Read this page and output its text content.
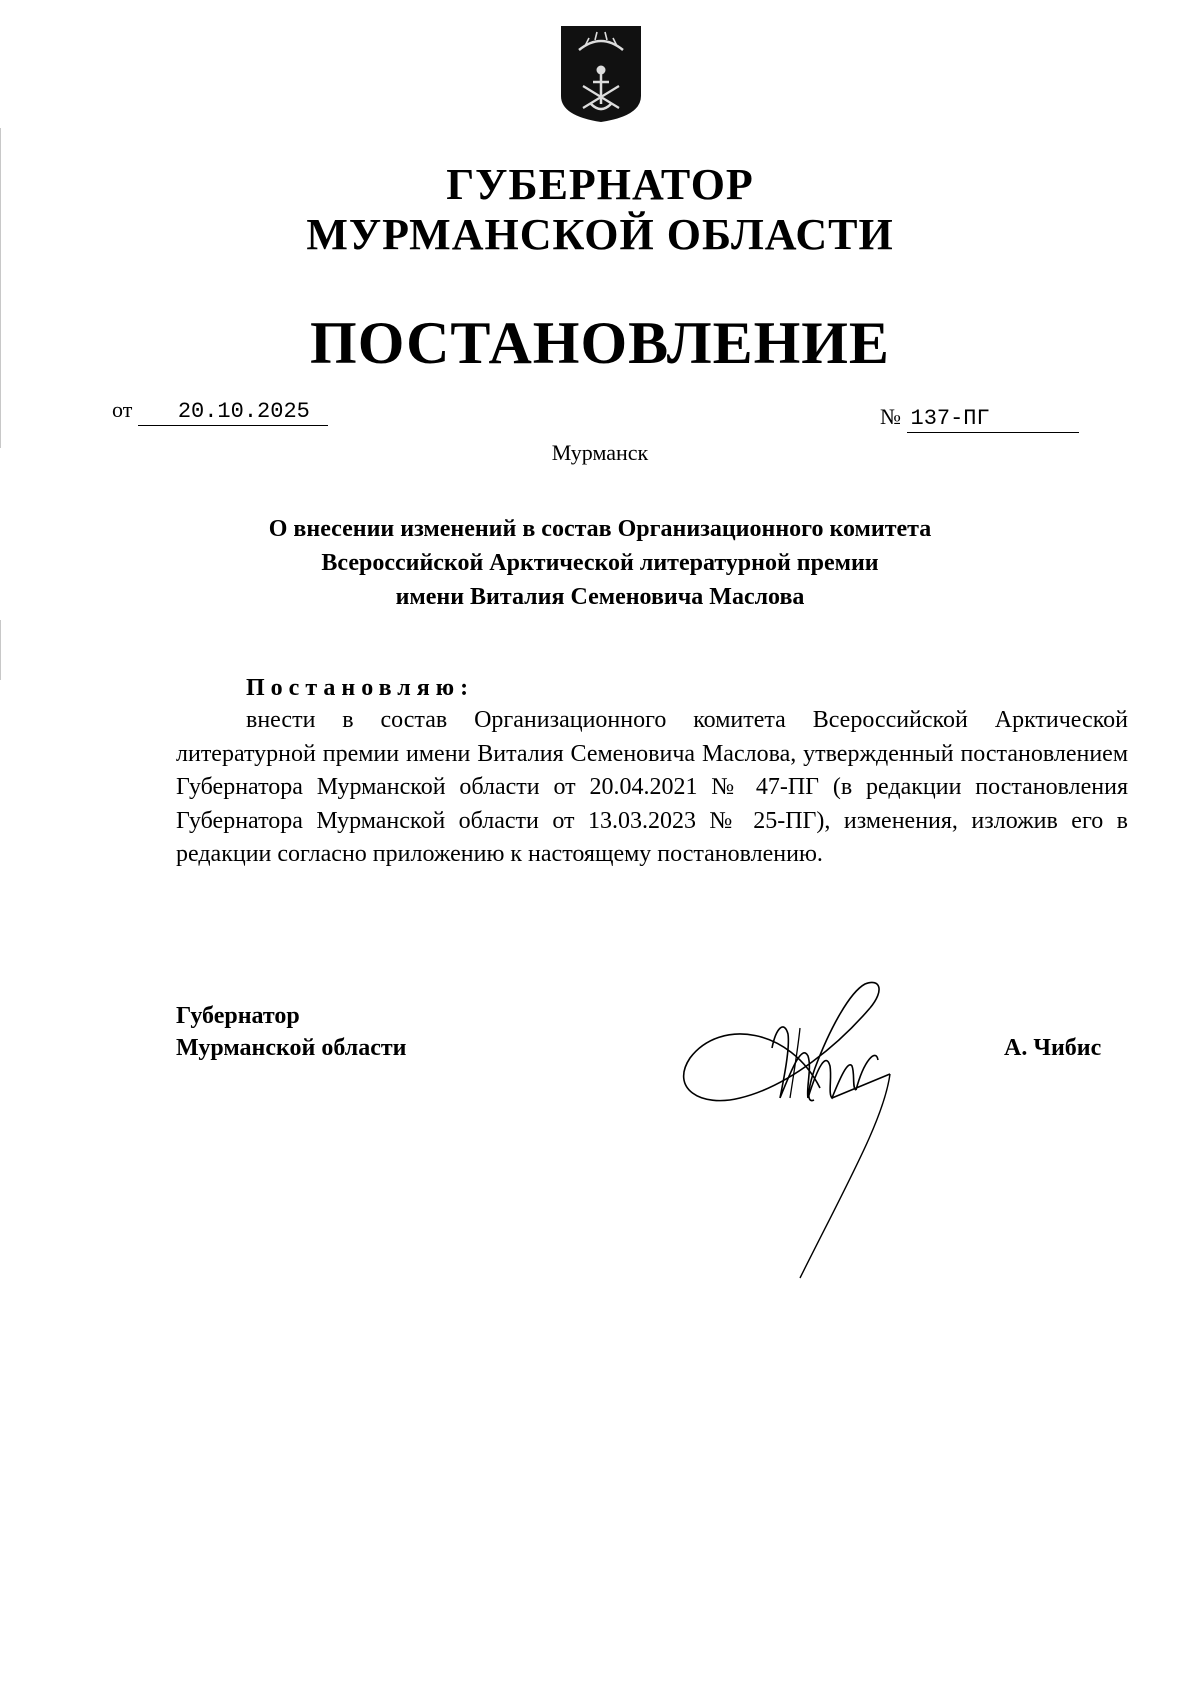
ГУБЕРНАТОР
МУРМАНСКОЙ ОБЛАСТИ
ПОСТАНОВЛЕНИЕ
от 20.10.2025	№ 137-ПГ
Мурманск
О внесении изменений в состав Организационного комитета
Всероссийской Арктической литературной премии
имени Виталия Семеновича Маслова
Постановляю:

внести в состав Организационного комитета Всероссийской Арктической литературной премии имени Виталия Семеновича Маслова, утвержденный постановлением Губернатора Мурманской области от 20.04.2021 № 47-ПГ (в редакции постановления Губернатора Мурманской области от 13.03.2023 № 25-ПГ), изменения, изложив его в редакции согласно приложению к настоящему постановлению.

Губернатор
Мурманской области	А. Чибис
